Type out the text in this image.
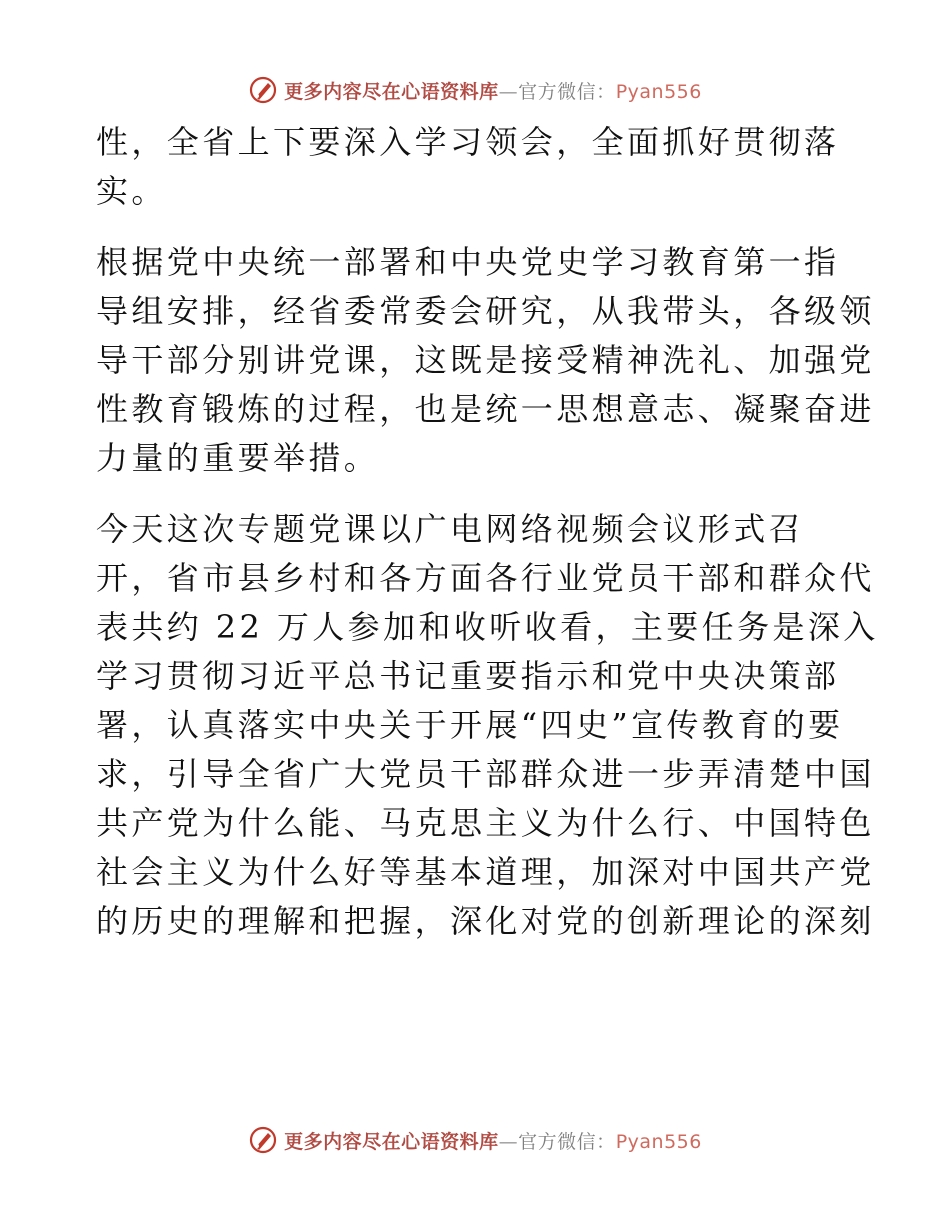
更多内容尽在心语资料库—官方微信：Pyan556

性，全省上下要深入学习领会，全面抓好贯彻落
实。

根据党中央统一部署和中央党史学习教育第一指
导组安排，经省委常委会研究，从我带头，各级领
导干部分别讲党课，这既是接受精神洗礼、加强党
性教育锻炼的过程，也是统一思想意志、凝聚奋进
力量的重要举措。

今天这次专题党课以广电网络视频会议形式召
开，省市县乡村和各方面各行业党员干部和群众代
表共约 22 万人参加和收听收看，主要任务是深入
学习贯彻习近平总书记重要指示和党中央决策部
署，认真落实中央关于开展“四史”宣传教育的要
求，引导全省广大党员干部群众进一步弄清楚中国
共产党为什么能、马克思主义为什么行、中国特色
社会主义为什么好等基本道理，加深对中国共产党
的历史的理解和把握，深化对党的创新理论的深刻

更多内容尽在心语资料库—官方微信：Pyan556
